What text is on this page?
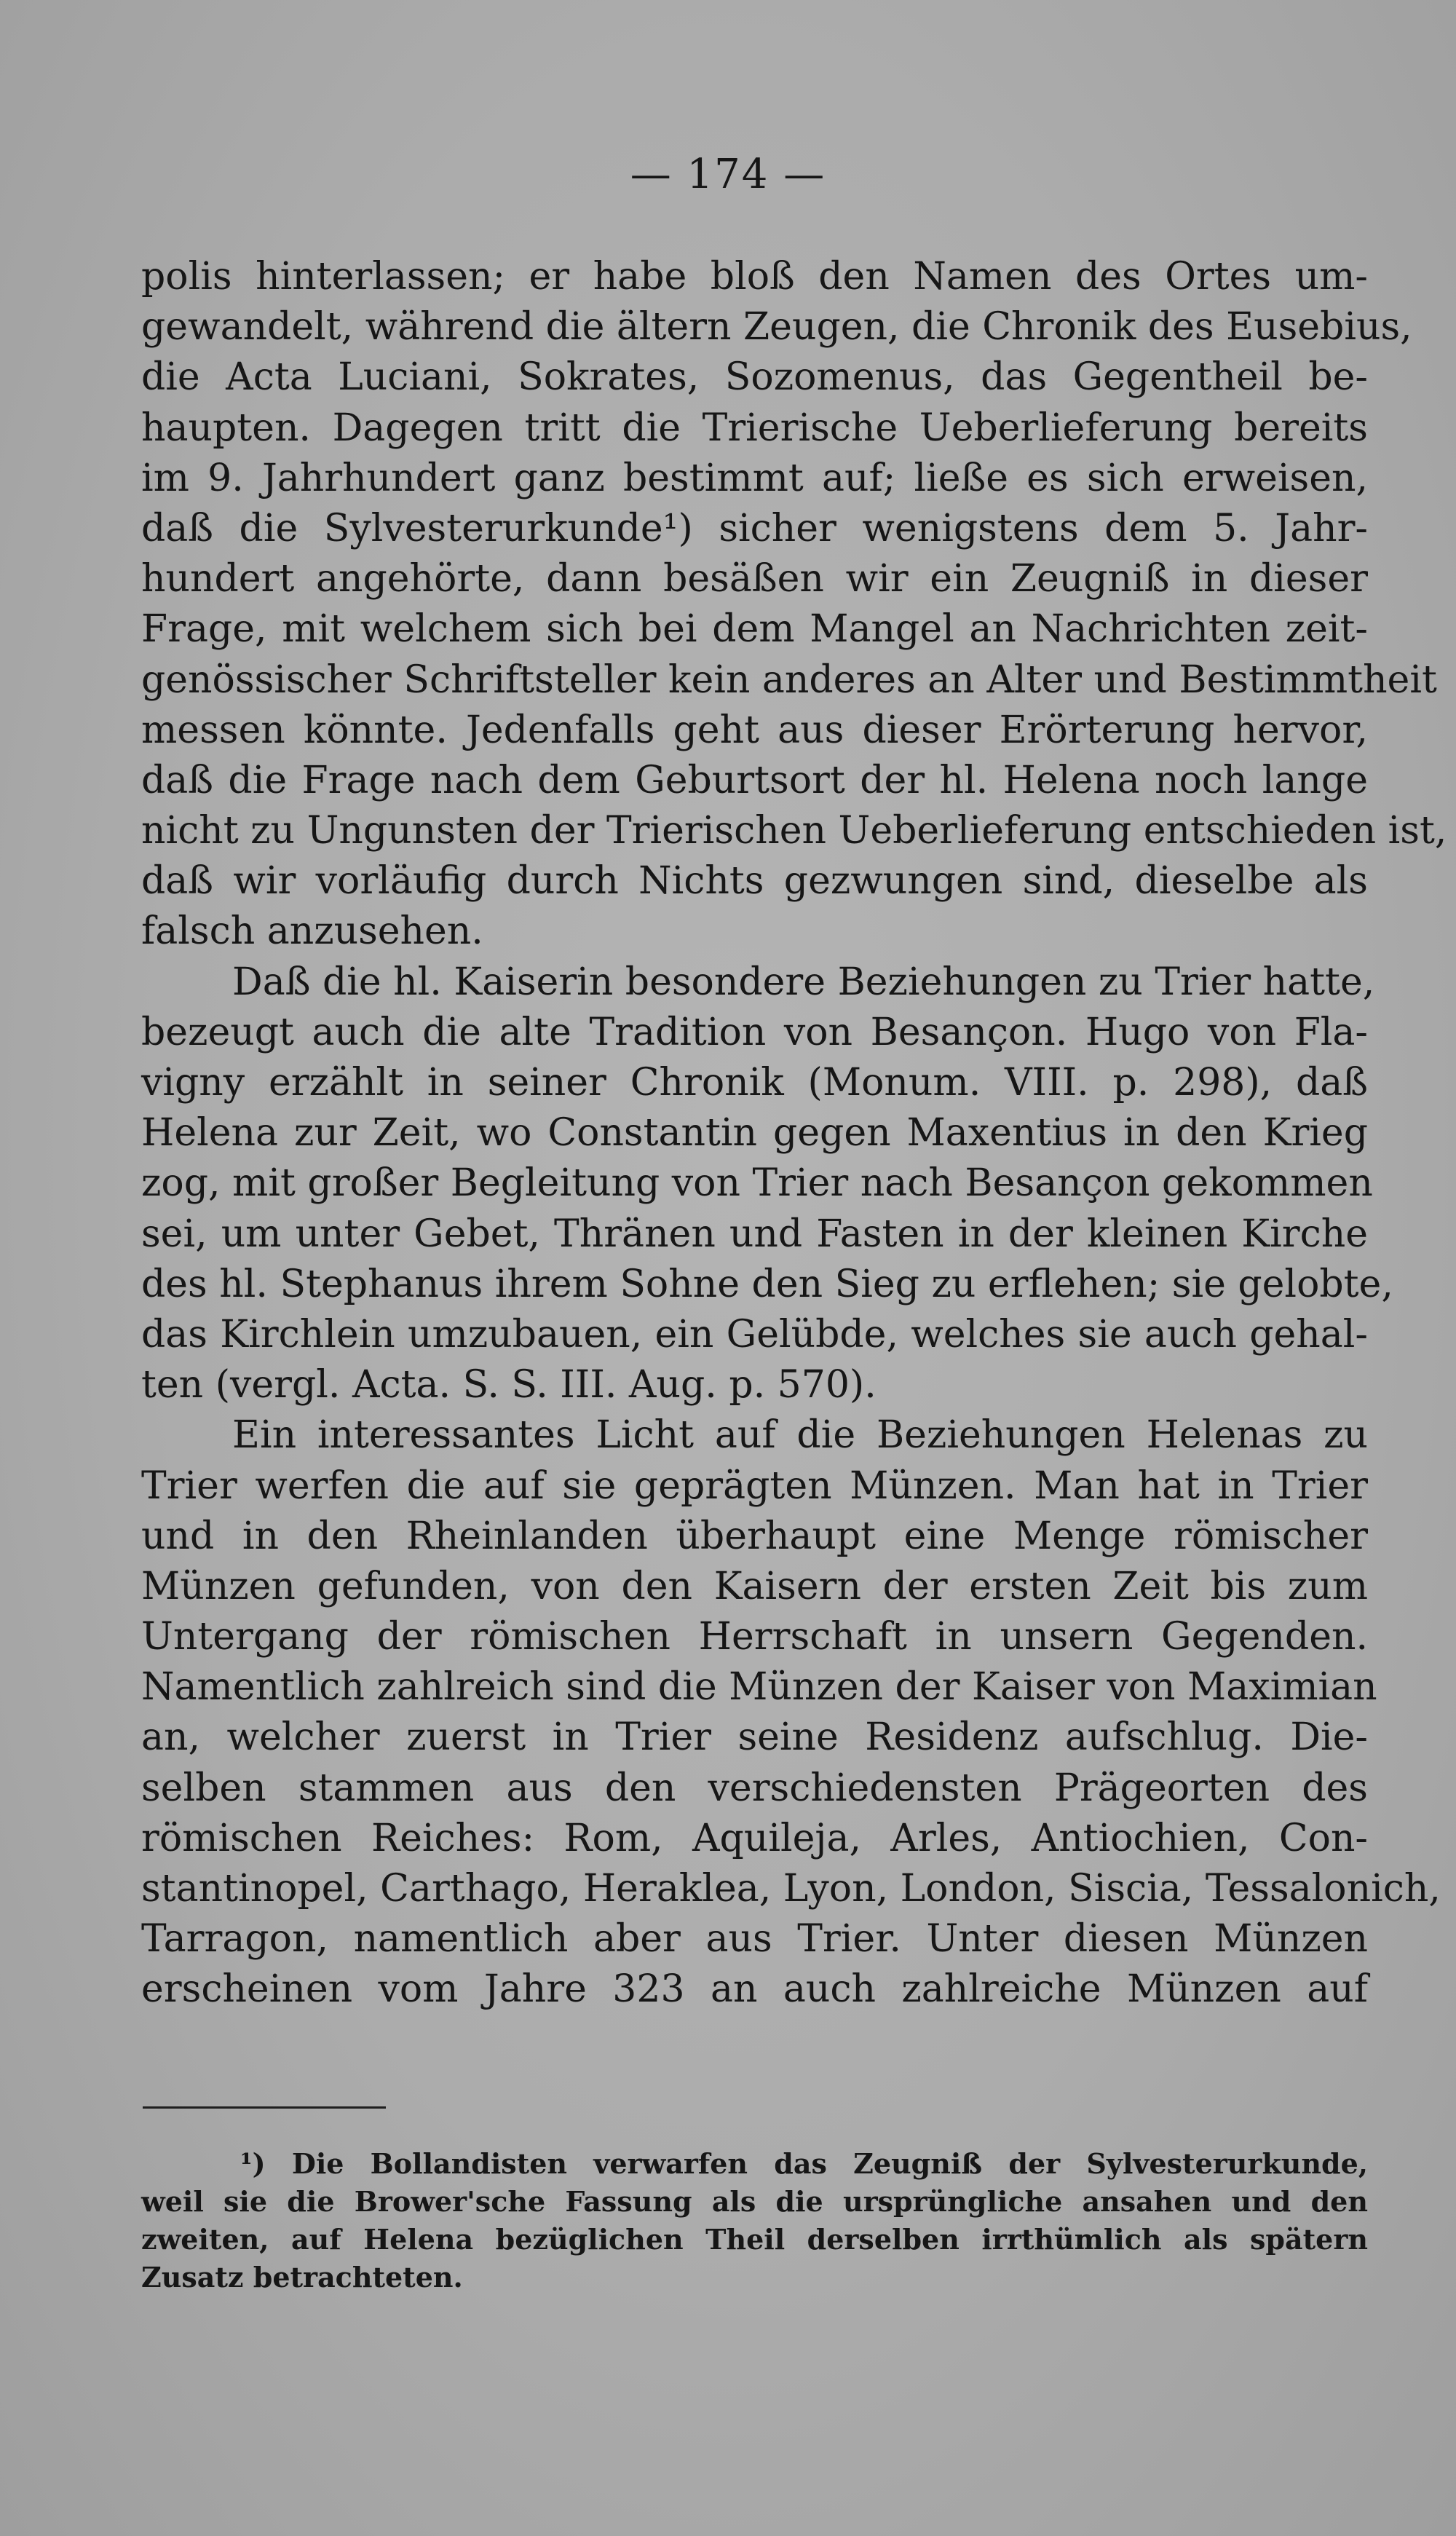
— 174 —
polis hinterlassen; er habe bloß den Namen des Ortes um-
gewandelt, während die ältern Zeugen, die Chronik des Eusebius,
die Acta Luciani, Sokrates, Sozomenus, das Gegentheil be-
haupten. Dagegen tritt die Trierische Ueberlieferung bereits
im 9. Jahrhundert ganz bestimmt auf; ließe es sich erweisen,
daß die Sylvesterurkunde¹) sicher wenigstens dem 5. Jahr-
hundert angehörte, dann besäßen wir ein Zeugniß in dieser
Frage, mit welchem sich bei dem Mangel an Nachrichten zeit-
genössischer Schriftsteller kein anderes an Alter und Bestimmtheit
messen könnte. Jedenfalls geht aus dieser Erörterung hervor,
daß die Frage nach dem Geburtsort der hl. Helena noch lange
nicht zu Ungunsten der Trierischen Ueberlieferung entschieden ist,
daß wir vorläufig durch Nichts gezwungen sind, dieselbe als
falsch anzusehen.
Daß die hl. Kaiserin besondere Beziehungen zu Trier hatte,
bezeugt auch die alte Tradition von Besançon. Hugo von Fla-
vigny erzählt in seiner Chronik (Monum. VIII. p. 298), daß
Helena zur Zeit, wo Constantin gegen Maxentius in den Krieg
zog, mit großer Begleitung von Trier nach Besançon gekommen
sei, um unter Gebet, Thränen und Fasten in der kleinen Kirche
des hl. Stephanus ihrem Sohne den Sieg zu erflehen; sie gelobte,
das Kirchlein umzubauen, ein Gelübde, welches sie auch gehal-
ten (vergl. Acta. S. S. III. Aug. p. 570).
Ein interessantes Licht auf die Beziehungen Helenas zu
Trier werfen die auf sie geprägten Münzen. Man hat in Trier
und in den Rheinlanden überhaupt eine Menge römischer
Münzen gefunden, von den Kaisern der ersten Zeit bis zum
Untergang der römischen Herrschaft in unsern Gegenden.
Namentlich zahlreich sind die Münzen der Kaiser von Maximian
an, welcher zuerst in Trier seine Residenz aufschlug. Die-
selben stammen aus den verschiedensten Prägeorten des
römischen Reiches: Rom, Aquileja, Arles, Antiochien, Con-
stantinopel, Carthago, Heraklea, Lyon, London, Siscia, Tessalonich,
Tarragon, namentlich aber aus Trier. Unter diesen Münzen
erscheinen vom Jahre 323 an auch zahlreiche Münzen auf
¹) Die Bollandisten verwarfen das Zeugniß der Sylvesterurkunde,
weil sie die Brower'sche Fassung als die ursprüngliche ansahen und den
zweiten, auf Helena bezüglichen Theil derselben irrthümlich als spätern
Zusatz betrachteten.
